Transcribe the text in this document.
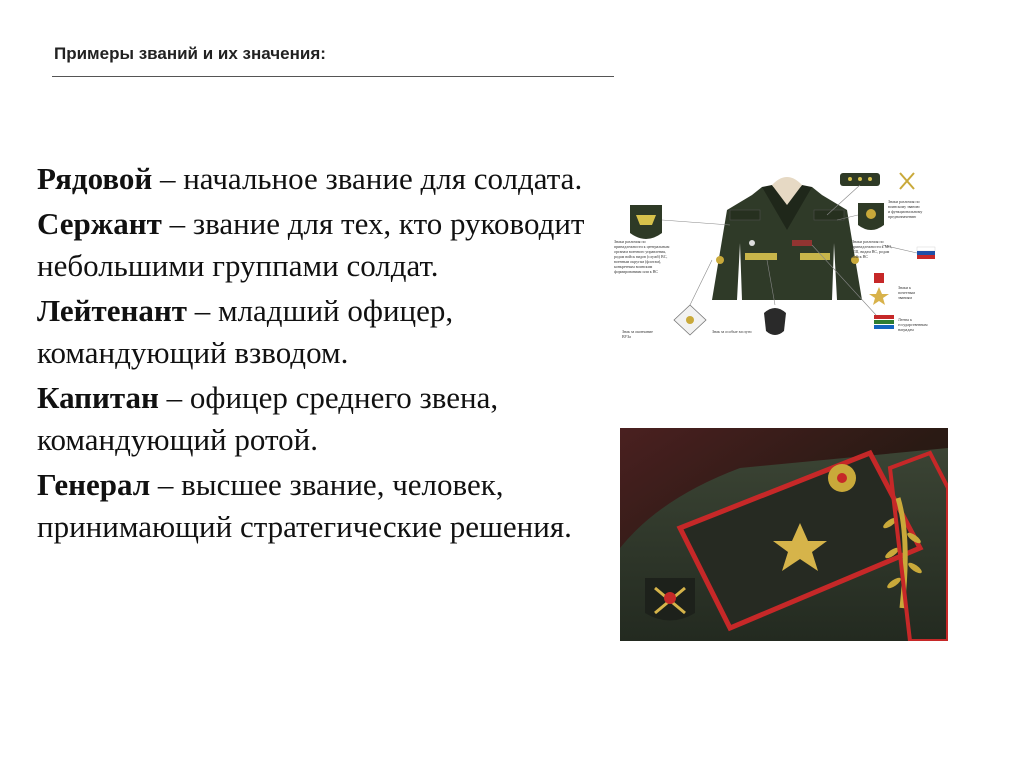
Примеры званий и их значения:

Рядовой – начальное звание для солдата.

Сержант – звание для тех, кто руководит небольшими группами солдат.

Лейтенант – младший офицер, командующий взводом.

Капитан – офицер среднего звена, командующий ротой.

Генерал – высшее звание, человек, принимающий стратегические решения.

Знаки различия по принадлежности к центральным органам военного управления, родам войск видов (служб) ВС, военным округам (флотам), конкретным воинским формированиям или к ВС
Знаки различия по воинскому званию и функциональному предназначению
Знаки различия по принадлежности к МО, ГШ, видам ВС, родам войск ВС
Знаки к почетным званиям
Ленты к государственным наградам
Знак за окончание ВУЗа
Знак за особые заслуги
